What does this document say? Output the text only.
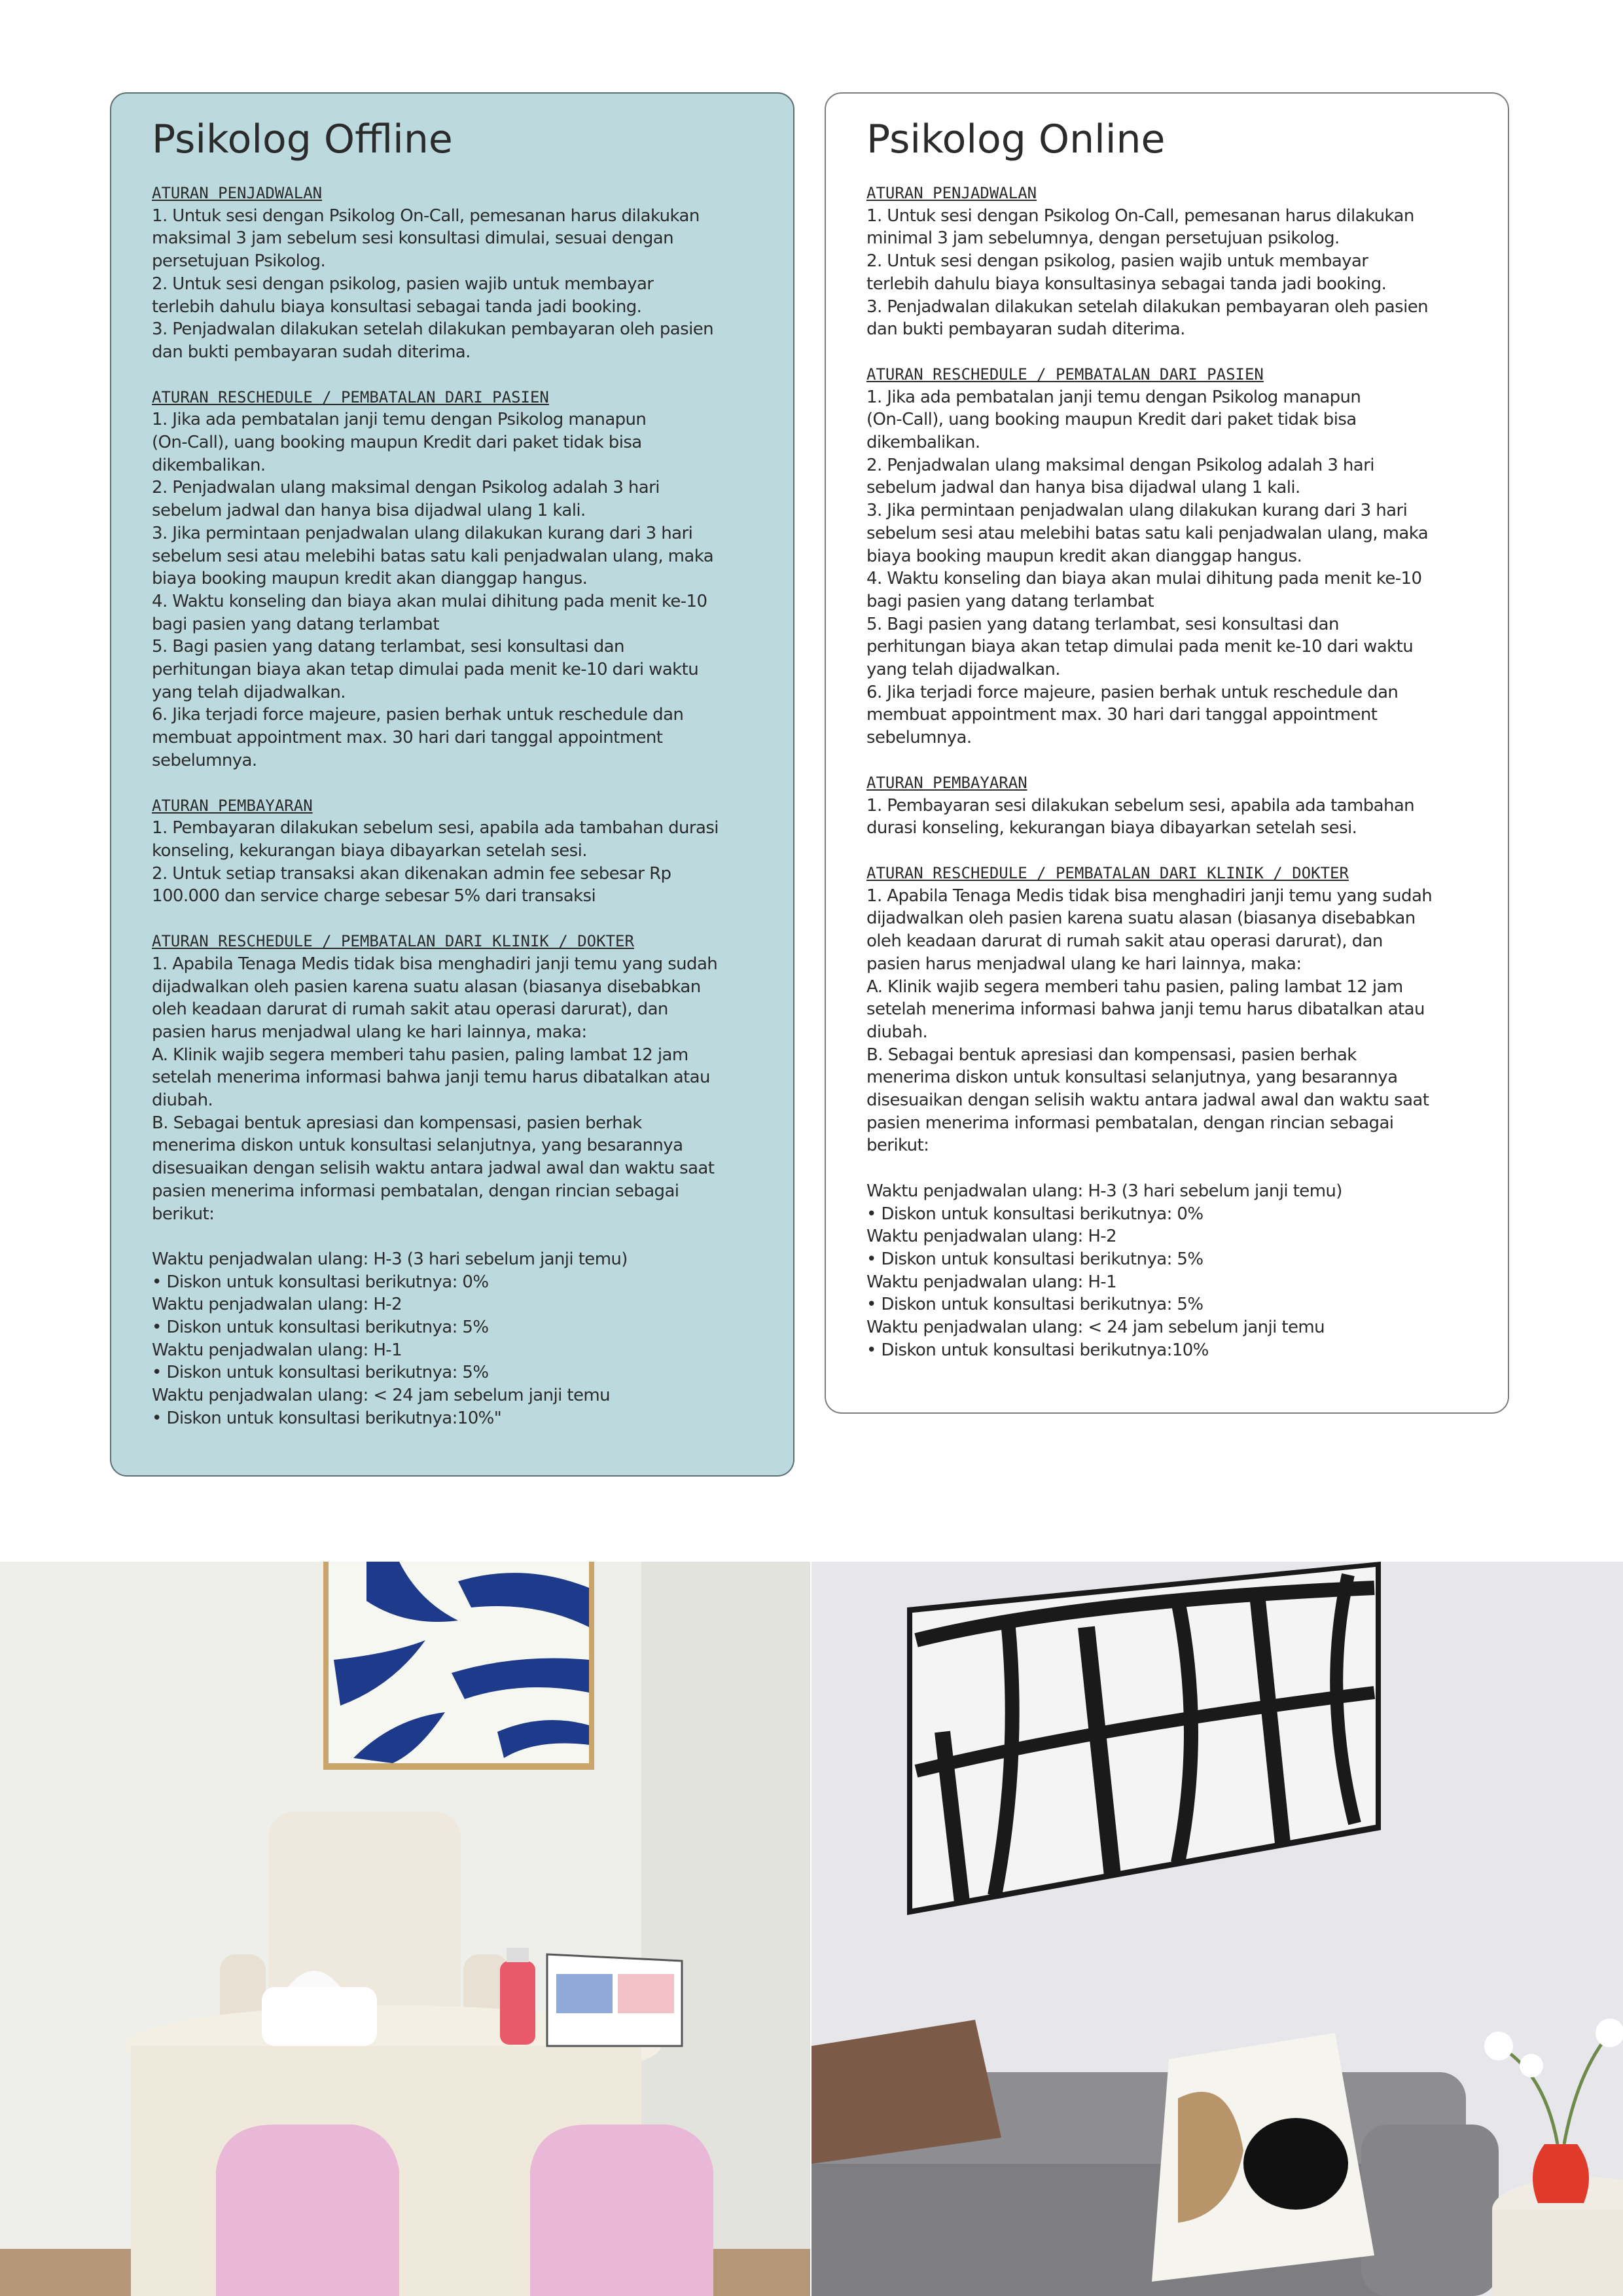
Psikolog Offline
ATURAN PENJADWALAN
1. Untuk sesi dengan Psikolog On-Call, pemesanan harus dilakukan
maksimal 3 jam sebelum sesi konsultasi dimulai, sesuai dengan
persetujuan Psikolog.
2. Untuk sesi dengan psikolog, pasien wajib untuk membayar
terlebih dahulu biaya konsultasi sebagai tanda jadi booking.
3. Penjadwalan dilakukan setelah dilakukan pembayaran oleh pasien
dan bukti pembayaran sudah diterima.
ATURAN RESCHEDULE / PEMBATALAN DARI PASIEN
1. Jika ada pembatalan janji temu dengan Psikolog manapun
(On-Call), uang booking maupun Kredit dari paket tidak bisa
dikembalikan.
2. Penjadwalan ulang maksimal dengan Psikolog adalah 3 hari
sebelum jadwal dan hanya bisa dijadwal ulang 1 kali.
3. Jika permintaan penjadwalan ulang dilakukan kurang dari 3 hari
sebelum sesi atau melebihi batas satu kali penjadwalan ulang, maka
biaya booking maupun kredit akan dianggap hangus.
4. Waktu konseling dan biaya akan mulai dihitung pada menit ke-10
bagi pasien yang datang terlambat
5. Bagi pasien yang datang terlambat, sesi konsultasi dan
perhitungan biaya akan tetap dimulai pada menit ke-10 dari waktu
yang telah dijadwalkan.
6. Jika terjadi force majeure, pasien berhak untuk reschedule dan
membuat appointment max. 30 hari dari tanggal appointment
sebelumnya.
ATURAN PEMBAYARAN
1. Pembayaran dilakukan sebelum sesi, apabila ada tambahan durasi
konseling, kekurangan biaya dibayarkan setelah sesi.
2. Untuk setiap transaksi akan dikenakan admin fee sebesar Rp
100.000 dan service charge sebesar 5% dari transaksi
ATURAN RESCHEDULE / PEMBATALAN DARI KLINIK / DOKTER
1. Apabila Tenaga Medis tidak bisa menghadiri janji temu yang sudah
dijadwalkan oleh pasien karena suatu alasan (biasanya disebabkan
oleh keadaan darurat di rumah sakit atau operasi darurat), dan
pasien harus menjadwal ulang ke hari lainnya, maka:
A. Klinik wajib segera memberi tahu pasien, paling lambat 12 jam
setelah menerima informasi bahwa janji temu harus dibatalkan atau
diubah.
B. Sebagai bentuk apresiasi dan kompensasi, pasien berhak
menerima diskon untuk konsultasi selanjutnya, yang besarannya
disesuaikan dengan selisih waktu antara jadwal awal dan waktu saat
pasien menerima informasi pembatalan, dengan rincian sebagai
berikut:
Waktu penjadwalan ulang: H-3 (3 hari sebelum janji temu)
• Diskon untuk konsultasi berikutnya: 0%
Waktu penjadwalan ulang: H-2
• Diskon untuk konsultasi berikutnya: 5%
Waktu penjadwalan ulang: H-1
• Diskon untuk konsultasi berikutnya: 5%
Waktu penjadwalan ulang: < 24 jam sebelum janji temu
• Diskon untuk konsultasi berikutnya:10%"
Psikolog Online
ATURAN PENJADWALAN
1. Untuk sesi dengan Psikolog On-Call, pemesanan harus dilakukan
minimal 3 jam sebelumnya, dengan persetujuan psikolog.
2. Untuk sesi dengan psikolog, pasien wajib untuk membayar
terlebih dahulu biaya konsultasinya sebagai tanda jadi booking.
3. Penjadwalan dilakukan setelah dilakukan pembayaran oleh pasien
dan bukti pembayaran sudah diterima.
ATURAN RESCHEDULE / PEMBATALAN DARI PASIEN
1. Jika ada pembatalan janji temu dengan Psikolog manapun
(On-Call), uang booking maupun Kredit dari paket tidak bisa
dikembalikan.
2. Penjadwalan ulang maksimal dengan Psikolog adalah 3 hari
sebelum jadwal dan hanya bisa dijadwal ulang 1 kali.
3. Jika permintaan penjadwalan ulang dilakukan kurang dari 3 hari
sebelum sesi atau melebihi batas satu kali penjadwalan ulang, maka
biaya booking maupun kredit akan dianggap hangus.
4. Waktu konseling dan biaya akan mulai dihitung pada menit ke-10
bagi pasien yang datang terlambat
5. Bagi pasien yang datang terlambat, sesi konsultasi dan
perhitungan biaya akan tetap dimulai pada menit ke-10 dari waktu
yang telah dijadwalkan.
6. Jika terjadi force majeure, pasien berhak untuk reschedule dan
membuat appointment max. 30 hari dari tanggal appointment
sebelumnya.
ATURAN PEMBAYARAN
1. Pembayaran sesi dilakukan sebelum sesi, apabila ada tambahan
durasi konseling, kekurangan biaya dibayarkan setelah sesi.
ATURAN RESCHEDULE / PEMBATALAN DARI KLINIK / DOKTER
1. Apabila Tenaga Medis tidak bisa menghadiri janji temu yang sudah
dijadwalkan oleh pasien karena suatu alasan (biasanya disebabkan
oleh keadaan darurat di rumah sakit atau operasi darurat), dan
pasien harus menjadwal ulang ke hari lainnya, maka:
A. Klinik wajib segera memberi tahu pasien, paling lambat 12 jam
setelah menerima informasi bahwa janji temu harus dibatalkan atau
diubah.
B. Sebagai bentuk apresiasi dan kompensasi, pasien berhak
menerima diskon untuk konsultasi selanjutnya, yang besarannya
disesuaikan dengan selisih waktu antara jadwal awal dan waktu saat
pasien menerima informasi pembatalan, dengan rincian sebagai
berikut:
Waktu penjadwalan ulang: H-3 (3 hari sebelum janji temu)
• Diskon untuk konsultasi berikutnya: 0%
Waktu penjadwalan ulang: H-2
• Diskon untuk konsultasi berikutnya: 5%
Waktu penjadwalan ulang: H-1
• Diskon untuk konsultasi berikutnya: 5%
Waktu penjadwalan ulang: < 24 jam sebelum janji temu
• Diskon untuk konsultasi berikutnya:10%
